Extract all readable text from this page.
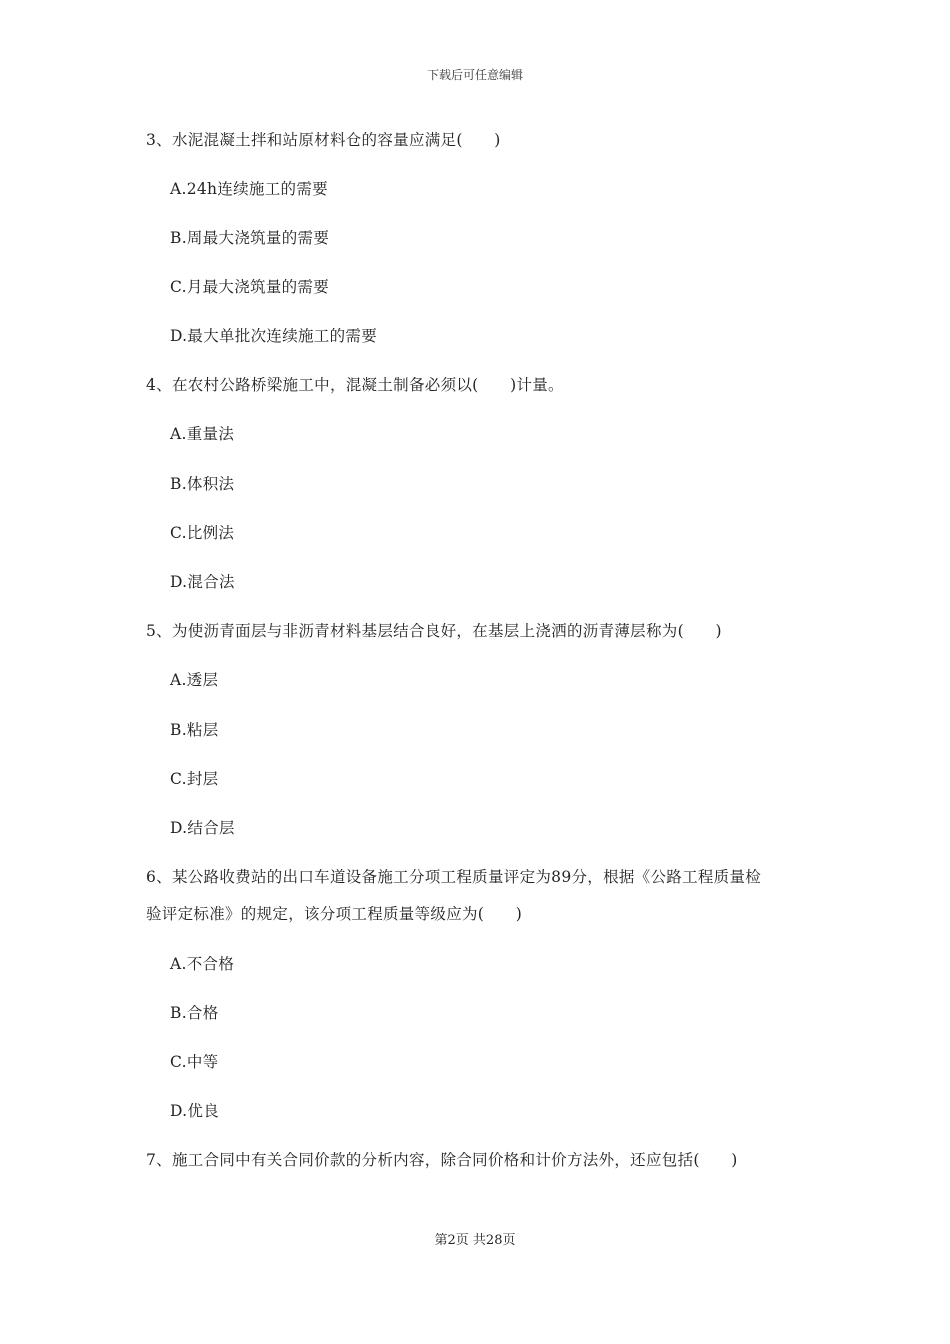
下载后可任意编辑
3、水泥混凝土拌和站原材料仓的容量应满足(　　)
A.24h连续施工的需要
B.周最大浇筑量的需要
C.月最大浇筑量的需要
D.最大单批次连续施工的需要
4、在农村公路桥梁施工中，混凝土制备必须以(　　)计量。
A.重量法
B.体积法
C.比例法
D.混合法
5、为使沥青面层与非沥青材料基层结合良好，在基层上浇洒的沥青薄层称为(　　)
A.透层
B.粘层
C.封层
D.结合层
6、某公路收费站的出口车道设备施工分项工程质量评定为89分，根据《公路工程质量检
验评定标准》的规定，该分项工程质量等级应为(　　)
A.不合格
B.合格
C.中等
D.优良
7、施工合同中有关合同价款的分析内容，除合同价格和计价方法外，还应包括(　　)
第2页 共28页
